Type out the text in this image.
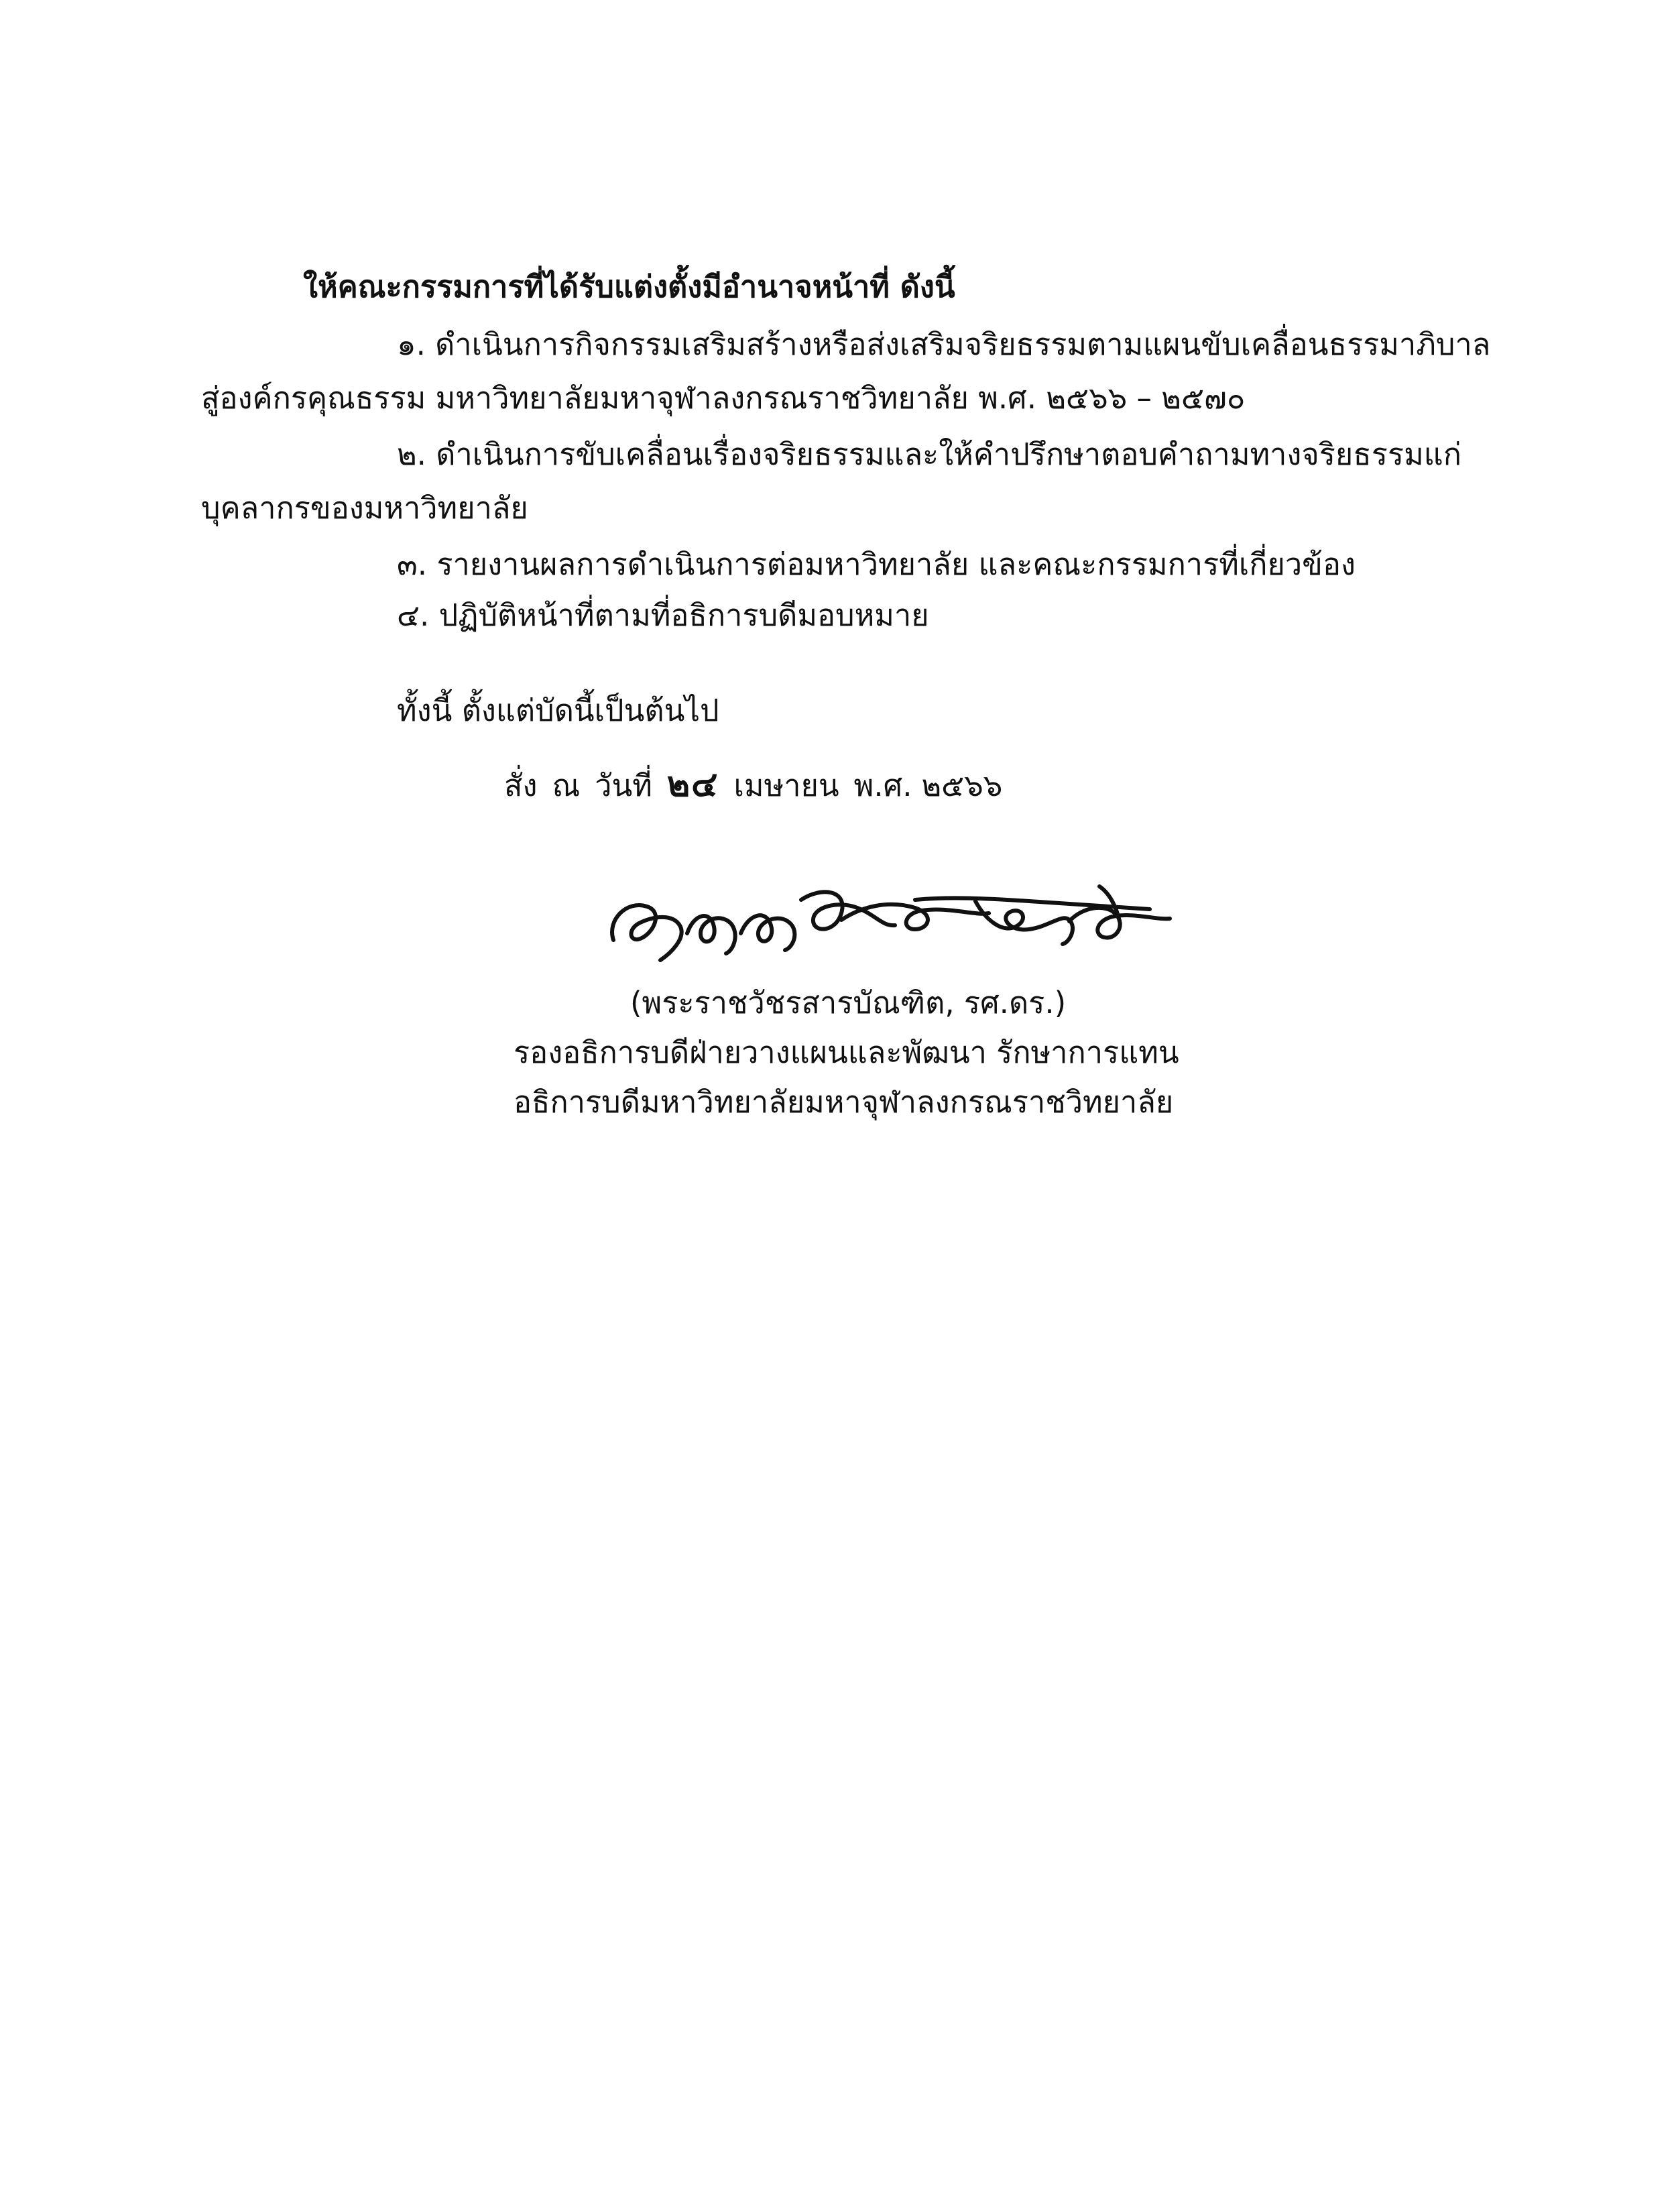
ให้คณะกรรมการที่ได้รับแต่งตั้งมีอำนาจหน้าที่ ดังนี้
๑. ดำเนินการกิจกรรมเสริมสร้างหรือส่งเสริมจริยธรรมตามแผนขับเคลื่อนธรรมาภิบาล
สู่องค์กรคุณธรรม มหาวิทยาลัยมหาจุฬาลงกรณราชวิทยาลัย พ.ศ. ๒๕๖๖ – ๒๕๗๐
๒. ดำเนินการขับเคลื่อนเรื่องจริยธรรมและให้คำปรึกษาตอบคำถามทางจริยธรรมแก่
บุคลากรของมหาวิทยาลัย
๓. รายงานผลการดำเนินการต่อมหาวิทยาลัย และคณะกรรมการที่เกี่ยวข้อง
๔. ปฏิบัติหน้าที่ตามที่อธิการบดีมอบหมาย
ทั้งนี้ ตั้งแต่บัดนี้เป็นต้นไป
สั่ง ณ วันที่ ๒๔ เมษายน พ.ศ. ๒๕๖๖
(พระราชวัชรสารบัณฑิต, รศ.ดร.)
รองอธิการบดีฝ่ายวางแผนและพัฒนา รักษาการแทน
อธิการบดีมหาวิทยาลัยมหาจุฬาลงกรณราชวิทยาลัย
